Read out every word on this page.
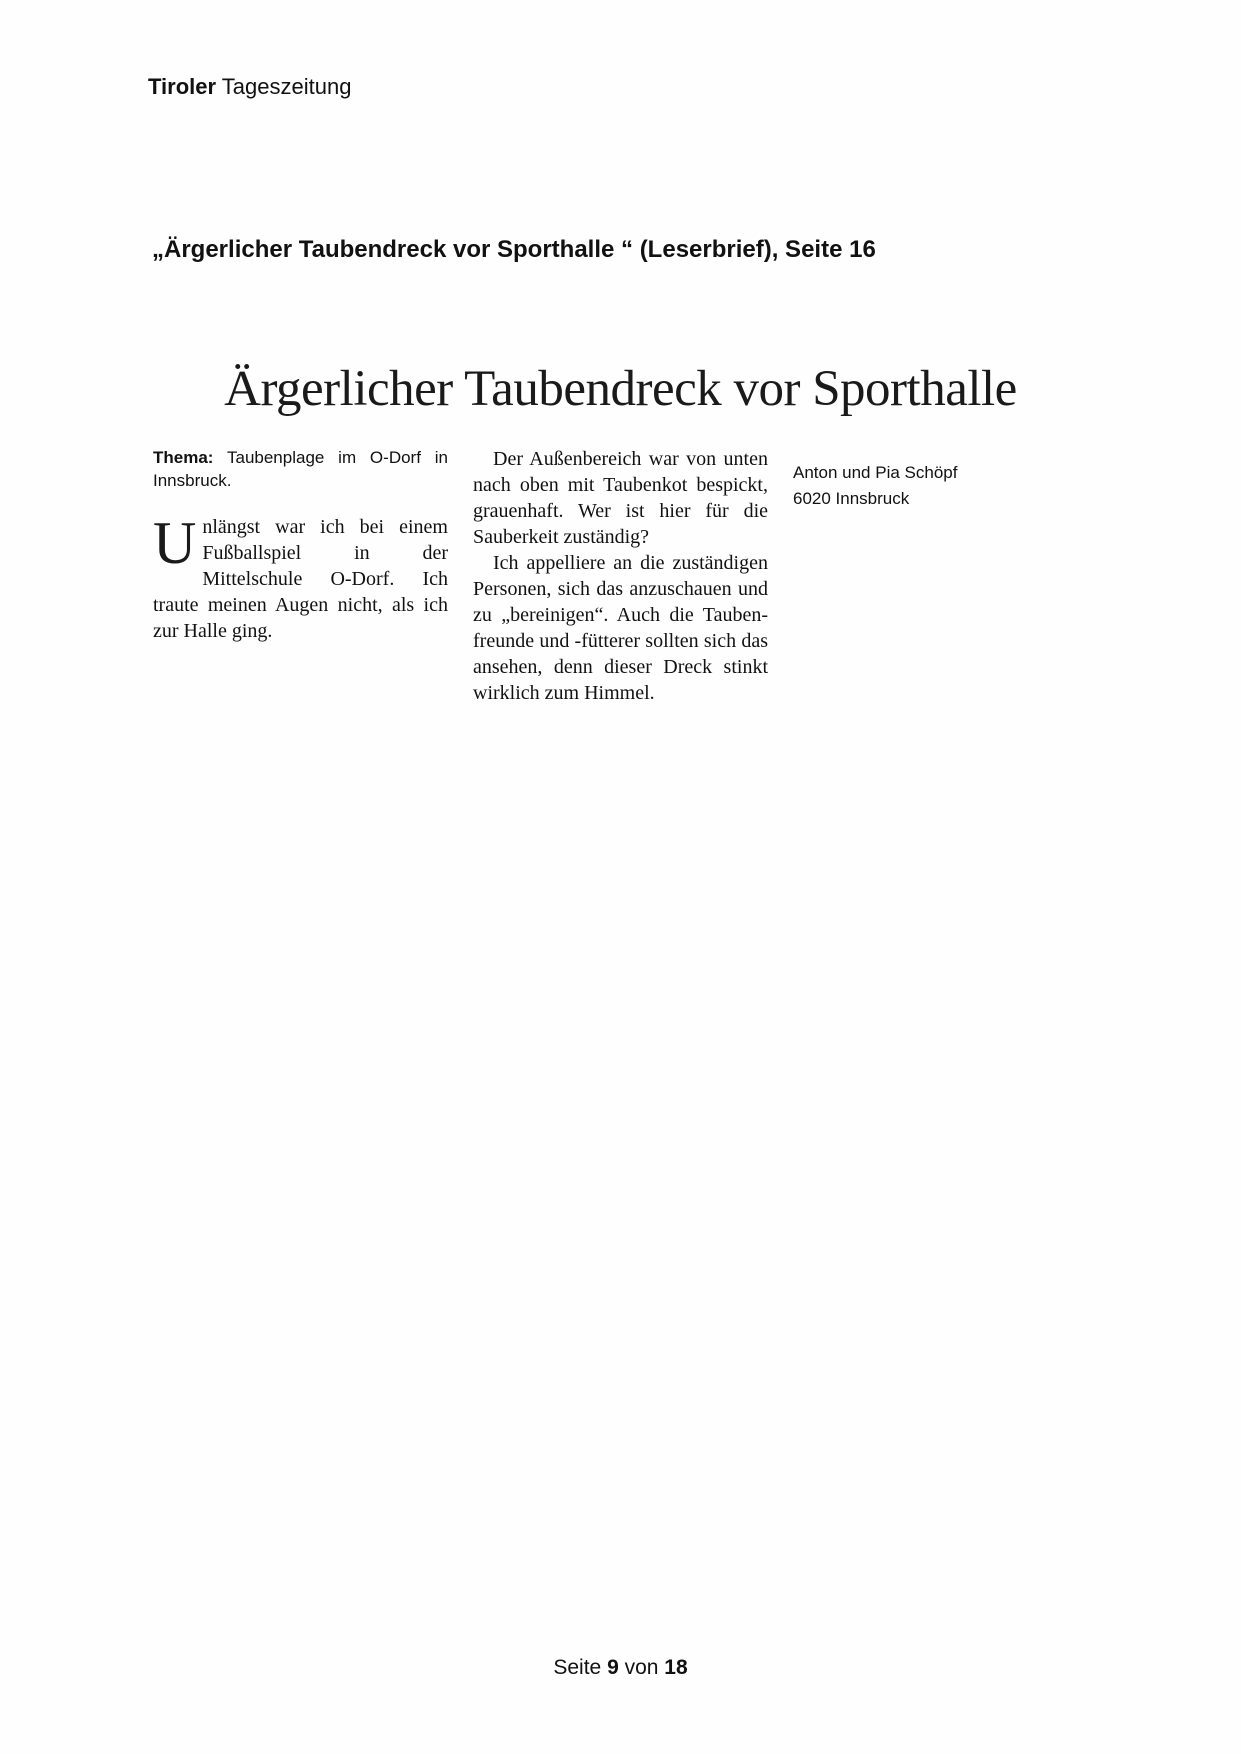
Tiroler Tageszeitung
„Ärgerlicher Taubendreck vor Sporthalle “ (Leserbrief), Seite 16
Ärgerlicher Taubendreck vor Sporthalle
Thema: Taubenplage im O-Dorf in Innsbruck.

Unlängst war ich bei einem Fußballspiel in der Mittelschule O-Dorf. Ich traute meinen Augen nicht, als ich zur Halle ging.

Der Außenbereich war von unten nach oben mit Taubenkot bespickt, grauenhaft. Wer ist hier für die Sauberkeit zuständig?

Ich appelliere an die zuständigen Personen, sich das anzuschauen und zu „bereinigen“. Auch die Taubenfreunde und -fütterer sollten sich das ansehen, denn dieser Dreck stinkt wirklich zum Himmel.

Anton und Pia Schöpf
6020 Innsbruck
Seite 9 von 18
